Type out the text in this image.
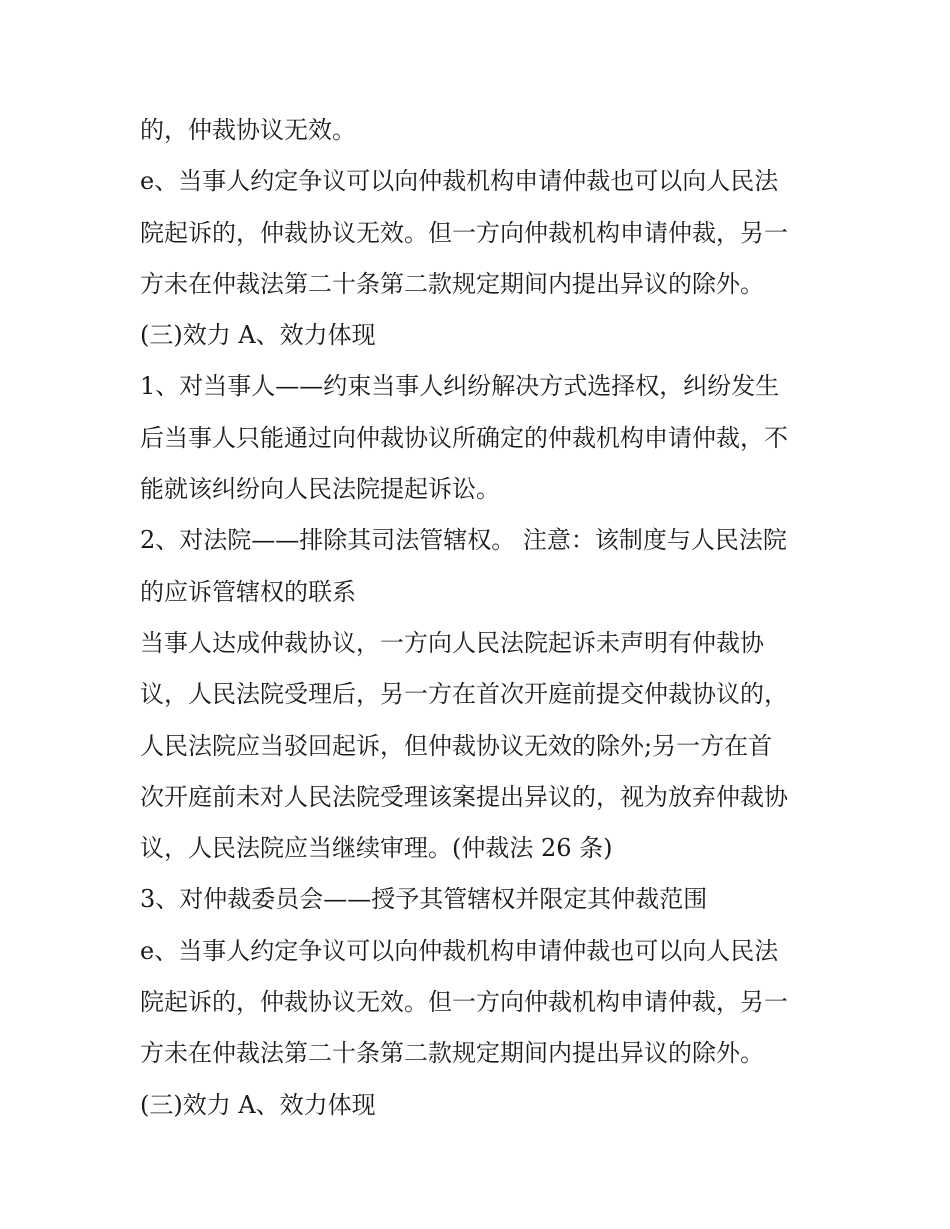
的，仲裁协议无效。
e、当事人约定争议可以向仲裁机构申请仲裁也可以向人民法
院起诉的，仲裁协议无效。但一方向仲裁机构申请仲裁，另一
方未在仲裁法第二十条第二款规定期间内提出异议的除外。
(三)效力 A、效力体现
1、对当事人——约束当事人纠纷解决方式选择权，纠纷发生
后当事人只能通过向仲裁协议所确定的仲裁机构申请仲裁，不
能就该纠纷向人民法院提起诉讼。
2、对法院——排除其司法管辖权。 注意：该制度与人民法院
的应诉管辖权的联系
当事人达成仲裁协议，一方向人民法院起诉未声明有仲裁协
议，人民法院受理后，另一方在首次开庭前提交仲裁协议的，
人民法院应当驳回起诉，但仲裁协议无效的除外;另一方在首
次开庭前未对人民法院受理该案提出异议的，视为放弃仲裁协
议，人民法院应当继续审理。(仲裁法 26 条)
3、对仲裁委员会——授予其管辖权并限定其仲裁范围
e、当事人约定争议可以向仲裁机构申请仲裁也可以向人民法
院起诉的，仲裁协议无效。但一方向仲裁机构申请仲裁，另一
方未在仲裁法第二十条第二款规定期间内提出异议的除外。
(三)效力 A、效力体现
